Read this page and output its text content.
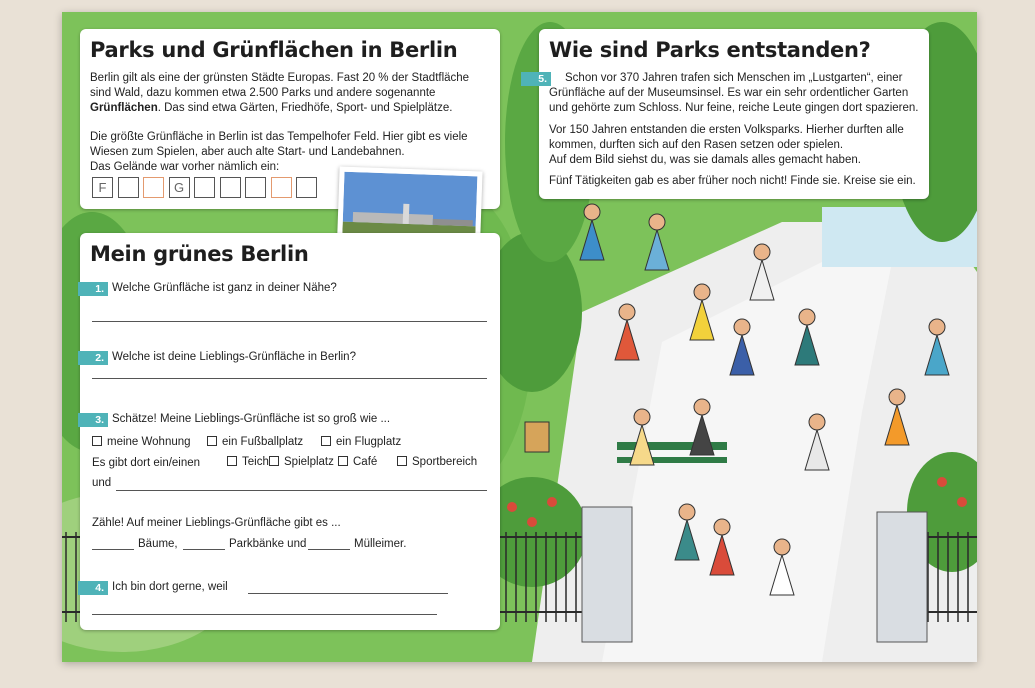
Parks und Grünflächen in Berlin
Berlin gilt als eine der grünsten Städte Europas. Fast 20 % der Stadtfläche
sind Wald, dazu kommen etwa 2.500 Parks und andere sogenannte
Grünflächen. Das sind etwa Gärten, Friedhöfe, Sport- und Spielplätze.
Die größte Grünfläche in Berlin ist das Tempelhofer Feld. Hier gibt es viele
Wiesen zum Spielen, aber auch alte Start- und Landebahnen.
Das Gelände war vorher nämlich ein:
F	G
Mein grünes Berlin
1. Welche Grünfläche ist ganz in deiner Nähe?
2. Welche ist deine Lieblings-Grünfläche in Berlin?
3. Schätze! Meine Lieblings-Grünfläche ist so groß wie ...
meine Wohnung	ein Fußballplatz	ein Flugplatz
Es gibt dort ein/einen	Teich	Spielplatz	Café	Sportbereich
und
Zähle! Auf meiner Lieblings-Grünfläche gibt es ...
Bäume,	Parkbänke und	Mülleimer.
4. Ich bin dort gerne, weil
Wie sind Parks entstanden?
5.	Schon vor 370 Jahren trafen sich Menschen im „Lustgarten“, einer
Grünfläche auf der Museumsinsel. Es war ein sehr ordentlicher Garten
und gehörte zum Schloss. Nur feine, reiche Leute gingen dort spazieren.
Vor 150 Jahren entstanden die ersten Volksparks. Hierher durften alle
kommen, durften sich auf den Rasen setzen oder spielen.
Auf dem Bild siehst du, was sie damals alles gemacht haben.
Fünf Tätigkeiten gab es aber früher noch nicht! Finde sie. Kreise sie ein.
